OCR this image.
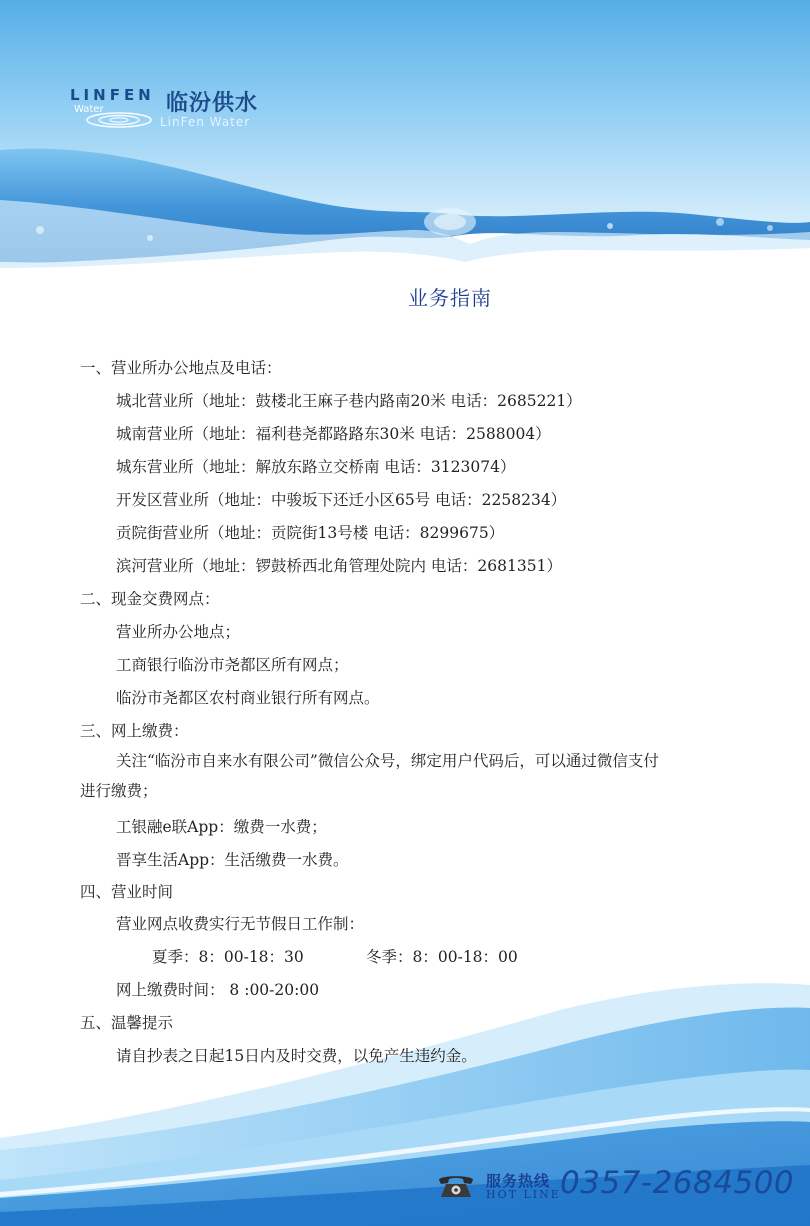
LINFEN
Water	临汾供水
LinFen Water
业务指南
一、营业所办公地点及电话：
城北营业所（地址：鼓楼北王麻子巷内路南20米 电话：2685221）
城南营业所（地址：福利巷尧都路路东30米 电话：2588004）
城东营业所（地址：解放东路立交桥南 电话：3123074）
开发区营业所（地址：中骏坂下还迁小区65号 电话：2258234）
贡院街营业所（地址：贡院街13号楼 电话：8299675）
滨河营业所（地址：锣鼓桥西北角管理处院内 电话：2681351）
二、现金交费网点：
营业所办公地点；
工商银行临汾市尧都区所有网点；
临汾市尧都区农村商业银行所有网点。
三、网上缴费：
关注“临汾市自来水有限公司”微信公众号，绑定用户代码后，可以通过微信支付
进行缴费；
工银融e联App：缴费一水费；
晋享生活App：生活缴费一水费。
四、营业时间
营业网点收费实行无节假日工作制：
夏季：8：00-18：30	冬季：8：00-18：00
网上缴费时间： 8 :00-20:00
五、温馨提示
请自抄表之日起15日内及时交费，以免产生违约金。
服务热线
HOT LINE 0357-2684500
